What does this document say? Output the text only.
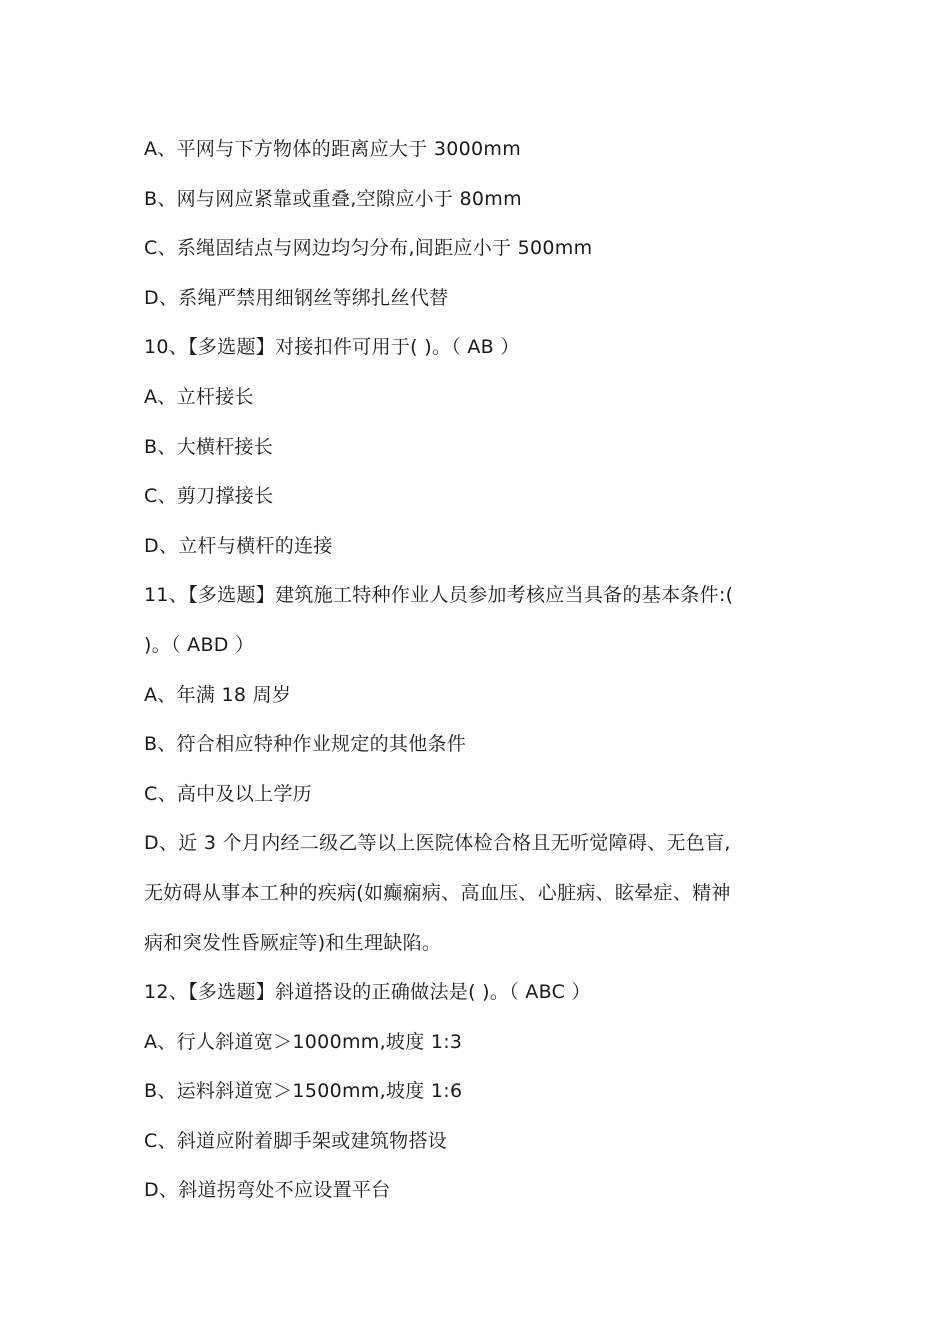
A、平网与下方物体的距离应大于 3000mm
B、网与网应紧靠或重叠,空隙应小于 80mm
C、系绳固结点与网边均匀分布,间距应小于 500mm
D、系绳严禁用细钢丝等绑扎丝代替
10、【多选题】对接扣件可用于( )。（ AB ）
A、立杆接长
B、大横杆接长
C、剪刀撑接长
D、立杆与横杆的连接
11、【多选题】建筑施工特种作业人员参加考核应当具备的基本条件:(
)。（ ABD ）
A、年满 18 周岁
B、符合相应特种作业规定的其他条件
C、高中及以上学历
D、近 3 个月内经二级乙等以上医院体检合格且无听觉障碍、无色盲,
无妨碍从事本工种的疾病(如癫痫病、高血压、心脏病、眩晕症、精神
病和突发性昏厥症等)和生理缺陷。
12、【多选题】斜道搭设的正确做法是( )。（ ABC ）
A、行人斜道宽＞1000mm,坡度 1:3
B、运料斜道宽＞1500mm,坡度 1:6
C、斜道应附着脚手架或建筑物搭设
D、斜道拐弯处不应设置平台
